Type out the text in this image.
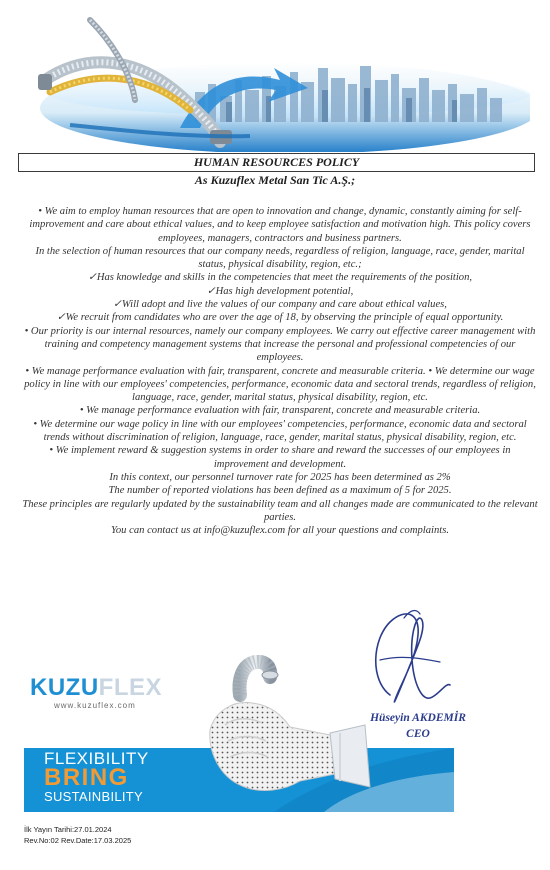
HUMAN RESOURCES POLICY
As Kuzuflex Metal San Tic A.Ş.;

• We aim to employ human resources that are open to innovation and change, dynamic, constantly aiming for self-improvement and care about ethical values, and to keep employee satisfaction and motivation high. This policy covers employees, managers, contractors and business partners.

In the selection of human resources that our company needs, regardless of religion, language, race, gender, marital status, physical disability, region, etc.;

✓Has knowledge and skills in the competencies that meet the requirements of the position,

✓Has high development potential,

✓Will adopt and live the values of our company and care about ethical values,

✓We recruit from candidates who are over the age of 18, by observing the principle of equal opportunity.

• Our priority is our internal resources, namely our company employees. We carry out effective career management with training and competency management systems that increase the personal and professional competencies of our employees.

• We manage performance evaluation with fair, transparent, concrete and measurable criteria. • We determine our wage policy in line with our employees' competencies, performance, economic data and sectoral trends, regardless of religion, language, race, gender, marital status, physical disability, region, etc.

• We manage performance evaluation with fair, transparent, concrete and measurable criteria.

• We determine our wage policy in line with our employees' competencies, performance, economic data and sectoral trends without discrimination of religion, language, race, gender, marital status, physical disability, region, etc.

• We implement reward & suggestion systems in order to share and reward the successes of our employees in improvement and development.

In this context, our personnel turnover rate for 2025 has been determined as 2%

The number of reported violations has been defined as a maximum of 5 for 2025.

These principles are regularly updated by the sustainability team and all changes made are communicated to the relevant parties.

You can contact us at info@kuzuflex.com for all your questions and complaints.

KUZUFLEX
www.kuzuflex.com
FLEXIBILITY
BRING
SUSTAINBILITY
Hüseyin AKDEMİR
CEO
İlk Yayın Tarihi:27.01.2024
Rev.No:02 Rev.Date:17.03.2025
